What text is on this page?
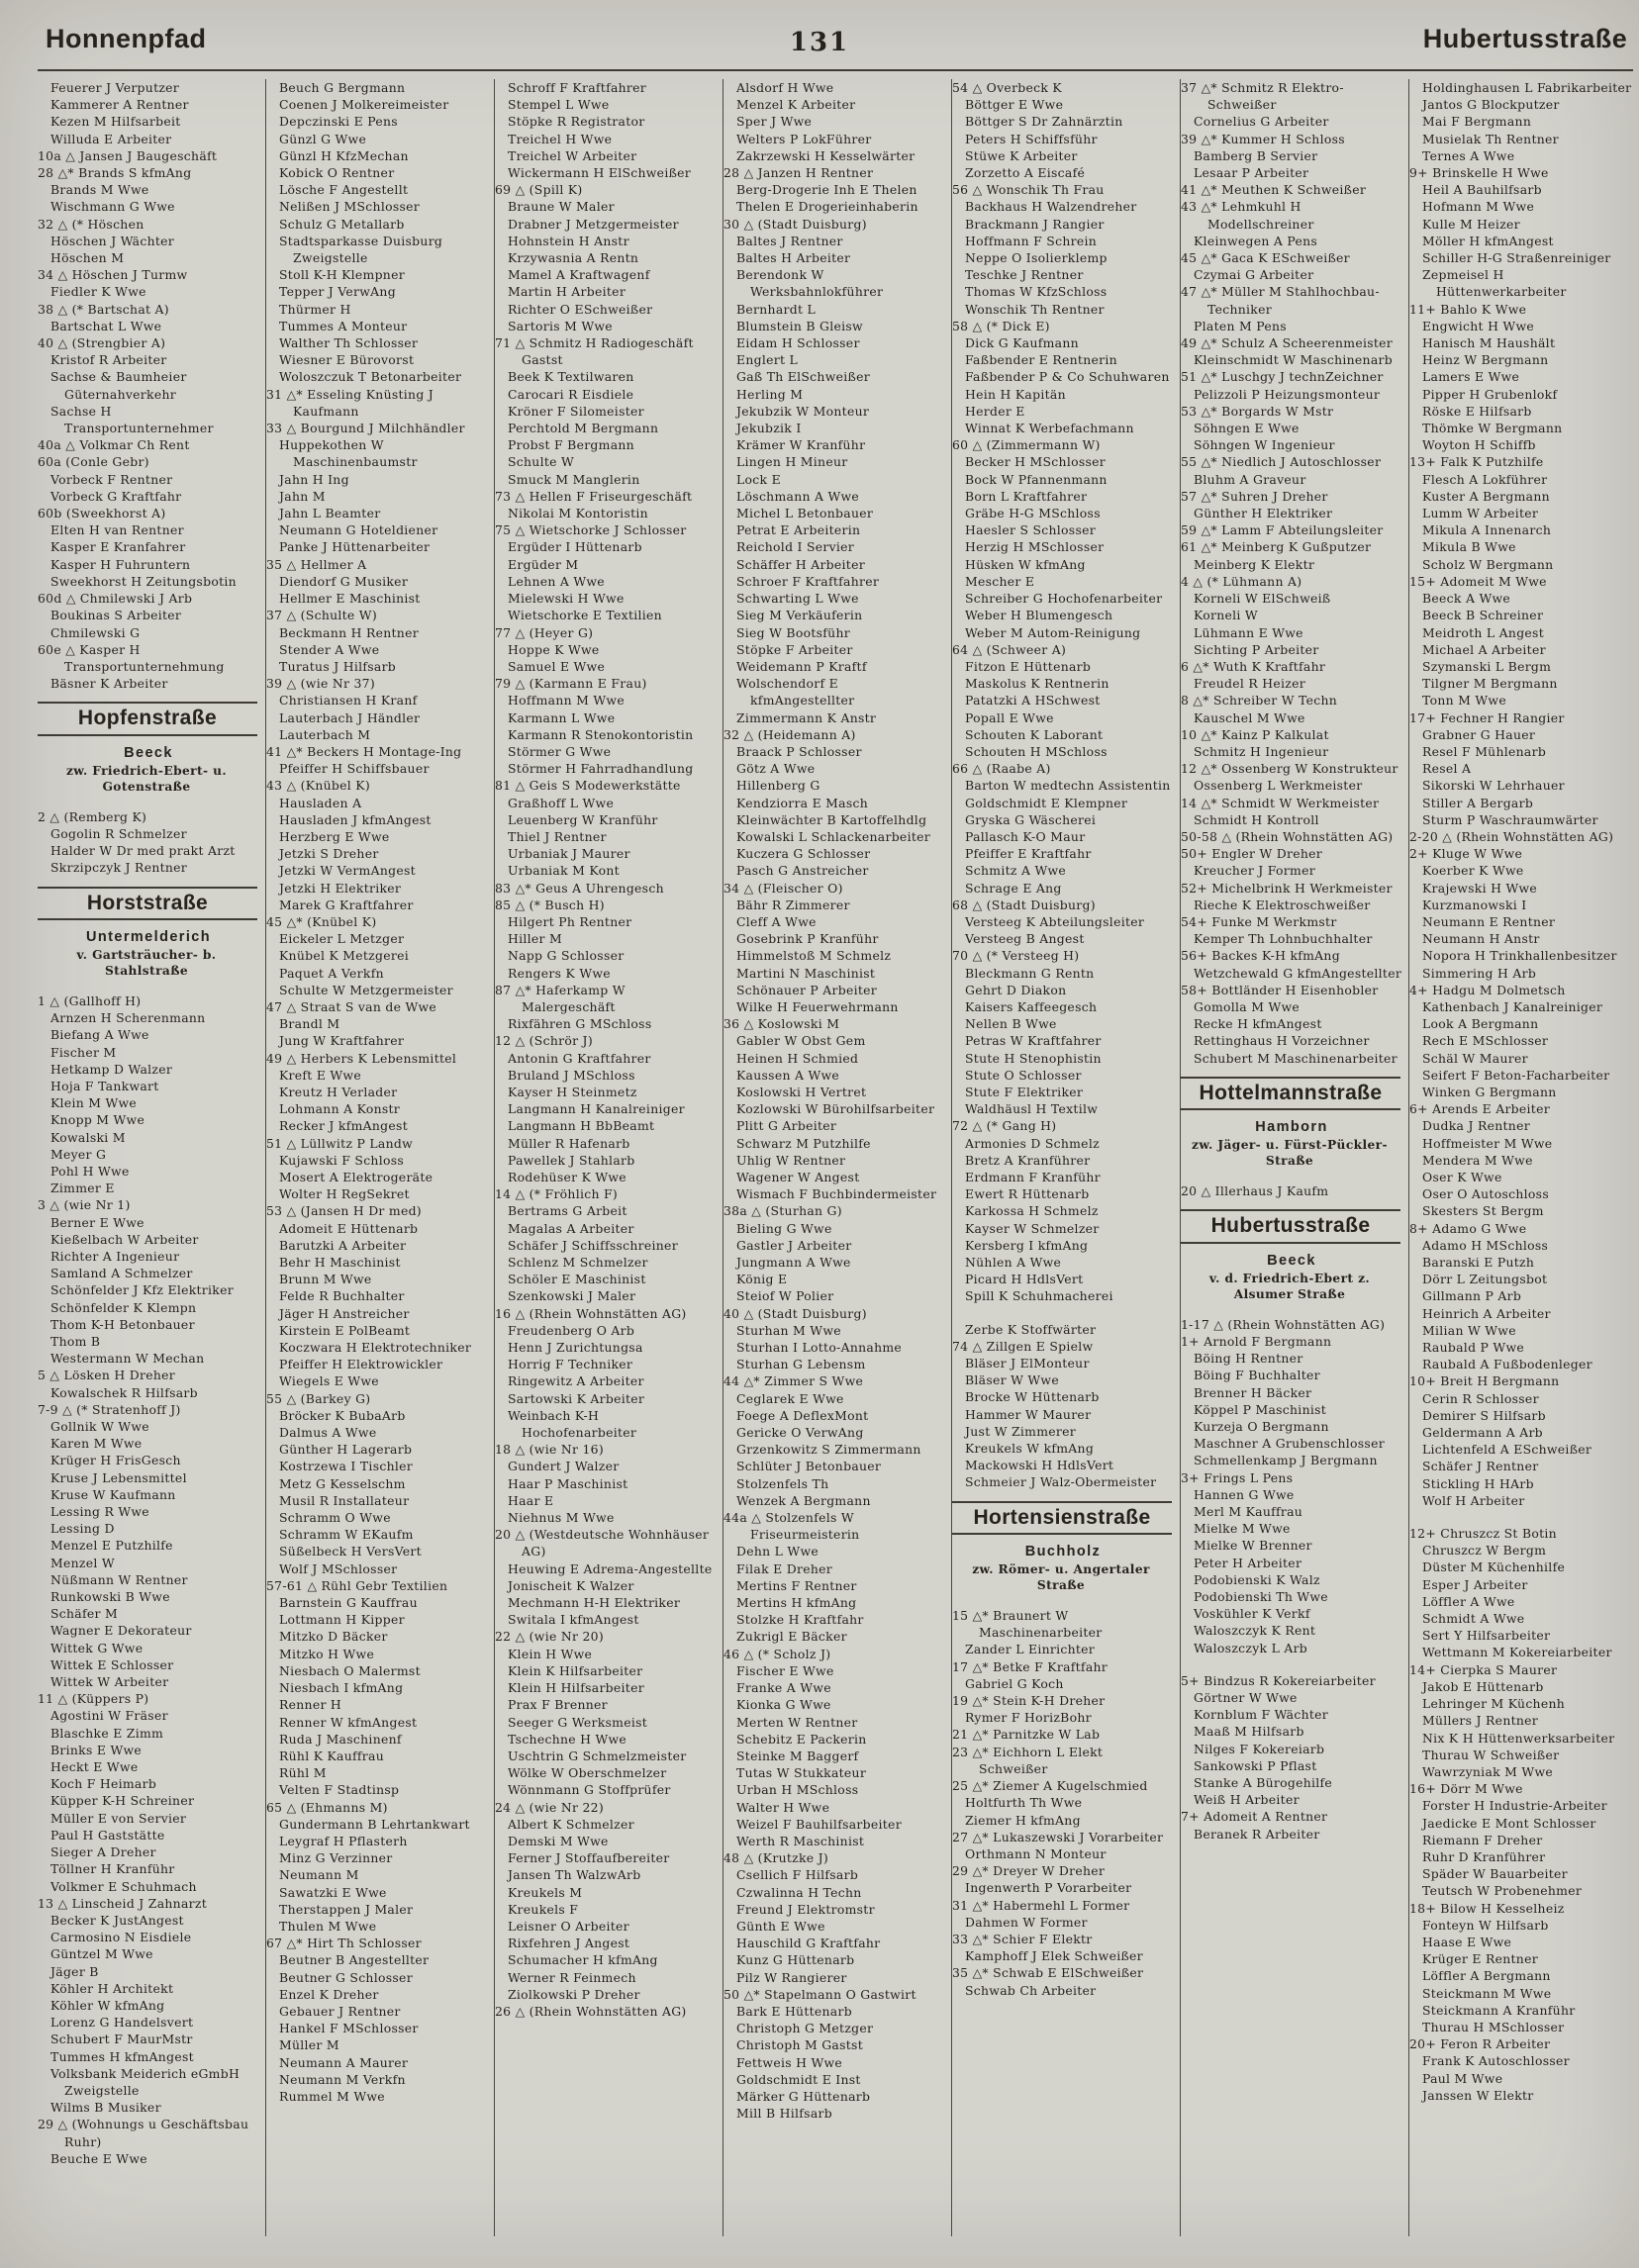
Honnenpfad	131	Hubertusstraße
Feuerer J Verputzer
Kammerer A Rentner
Kezen M Hilfsarbeit
Willuda E Arbeiter
10a △ Jansen J Baugeschäft
28 △* Brands S kfmAng
Brands M Wwe
Wischmann G Wwe
32 △ (* Höschen
Höschen J Wächter
Höschen M
34 △ Höschen J Turmw
Fiedler K Wwe
38 △ (* Bartschat A)
Bartschat L Wwe
40 △ (Strengbier A)
Kristof R Arbeiter
Sachse & Baumheier Güternahverkehr
Sachse H Transportunternehmer
40a △ Volkmar Ch Rent
60a (Conle Gebr)
Vorbeck F Rentner
Vorbeck G Kraftfahr
60b (Sweekhorst A)
Elten H van Rentner
Kasper E Kranfahrer
Kasper H Fuhruntern
Sweekhorst H Zeitungsbotin
60d △ Chmilewski J Arb
Boukinas S Arbeiter
Chmilewski G
60e △ Kasper H Transportunternehmung
Bäsner K Arbeiter
Hopfenstraße
Beeck
zw. Friedrich-Ebert- u. Gotenstraße
2 △ (Remberg K)
Gogolin R Schmelzer
Halder W Dr med prakt Arzt
Skrzipczyk J Rentner
Horststraße
Untermelderich
v. Gartsträucher- b. Stahlstraße
1 △ (Gallhoff H)
Arnzen H Scherenmann
Biefang A Wwe
Fischer M
Hetkamp D Walzer
Hoja F Tankwart
Klein M Wwe
Knopp M Wwe
Kowalski M
Meyer G
Pohl H Wwe
Zimmer E
3 △ (wie Nr 1)
Berner E Wwe
Kießelbach W Arbeiter
Richter A Ingenieur
Samland A Schmelzer
Schönfelder J Kfz Elektriker
Schönfelder K Klempn
Thom K-H Betonbauer
Thom B
Westermann W Mechan
5 △ Lösken H Dreher
Kowalschek R Hilfsarb
7-9 △ (* Stratenhoff J)
Gollnik W Wwe
Karen M Wwe
Krüger H FrisGesch
Kruse J Lebensmittel
Kruse W Kaufmann
Lessing R Wwe
Lessing D
Menzel E Putzhilfe
Menzel W
Nüßmann W Rentner
Runkowski B Wwe
Schäfer M
Wagner E Dekorateur
Wittek G Wwe
Wittek E Schlosser
Wittek W Arbeiter
11 △ (Küppers P)
Agostini W Fräser
Blaschke E Zimm
Brinks E Wwe
Heckt E Wwe
Koch F Heimarb
Küpper K-H Schreiner
Müller E von Servier
Paul H Gaststätte
Sieger A Dreher
Töllner H Kranführ
Volkmer E Schuhmach
13 △ Linscheid J Zahnarzt
Becker K JustAngest
Carmosino N Eisdiele
Güntzel M Wwe
Jäger B
Köhler H Architekt
Köhler W kfmAng
Lorenz G Handelsvert
Schubert F MaurMstr
Tummes H kfmAngest
Volksbank Meiderich eGmbH Zweigstelle
Wilms B Musiker
29 △ (Wohnungs u Geschäftsbau Ruhr)
Beuche E Wwe
Beuch G Bergmann
Coenen J Molkereimeister
Depczinski E Pens
Günzl G Wwe
Günzl H KfzMechan
Kobick O Rentner
Lösche F Angestellt
Nelißen J MSchlosser
Schulz G Metallarb
Stadtsparkasse Duisburg Zweigstelle
Stoll K-H Klempner
Tepper J VerwAng
Thürmer H
Tummes A Monteur
Walther Th Schlosser
Wiesner E Bürovorst
Woloszczuk T Betonarbeiter
31 △* Esseling Knüsting J Kaufmann
33 △ Bourgund J Milchhändler
Huppekothen W Maschinenbaumstr
Jahn H Ing
Jahn M
Jahn L Beamter
Neumann G Hoteldiener
Panke J Hüttenarbeiter
35 △ Hellmer A
Diendorf G Musiker
Hellmer E Maschinist
37 △ (Schulte W)
Beckmann H Rentner
Stender A Wwe
Turatus J Hilfsarb
39 △ (wie Nr 37)
Christiansen H Kranf
Lauterbach J Händler
Lauterbach M
41 △* Beckers H Montage-Ing
Pfeiffer H Schiffsbauer
43 △ (Knübel K)
Hausladen A
Hausladen J kfmAngest
Herzberg E Wwe
Jetzki S Dreher
Jetzki W VermAngest
Jetzki H Elektriker
Marek G Kraftfahrer
45 △* (Knübel K)
Eickeler L Metzger
Knübel K Metzgerei
Paquet A Verkfn
Schulte W Metzgermeister
47 △ Straat S van de Wwe
Brandl M
Jung W Kraftfahrer
49 △ Herbers K Lebensmittel
Kreft E Wwe
Kreutz H Verlader
Lohmann A Konstr
Recker J kfmAngest
51 △ Lüllwitz P Landw
Kujawski F Schloss
Mosert A Elektrogeräte
Wolter H RegSekret
53 △ (Jansen H Dr med)
Adomeit E Hüttenarb
Barutzki A Arbeiter
Behr H Maschinist
Brunn M Wwe
Felde R Buchhalter
Jäger H Anstreicher
Kirstein E PolBeamt
Koczwara H Elektrotechniker
Pfeiffer H Elektrowickler
Wiegels E Wwe
55 △ (Barkey G)
Bröcker K BubaArb
Dalmus A Wwe
Günther H Lagerarb
Kostrzewa I Tischler
Metz G Kesselschm
Musil R Installateur
Schramm O Wwe
Schramm W EKaufm
Süßelbeck H VersVert
Wolf J MSchlosser
57-61 △ Rühl Gebr Textilien
Barnstein G Kauffrau
Lottmann H Kipper
Mitzko D Bäcker
Mitzko H Wwe
Niesbach O Malermst
Niesbach I kfmAng
Renner H
Renner W kfmAngest
Ruda J Maschinenf
Rühl K Kauffrau
Rühl M
Velten F Stadtinsp
65 △ (Ehmanns M)
Gundermann B Lehrtankwart
Leygraf H Pflasterh
Minz G Verzinner
Neumann M
Sawatzki E Wwe
Therstappen J Maler
Thulen M Wwe
67 △* Hirt Th Schlosser
Beutner B Angestellter
Beutner G Schlosser
Enzel K Dreher
Gebauer J Rentner
Hankel F MSchlosser
Müller M
Neumann A Maurer
Neumann M Verkfn
Rummel M Wwe
Schroff F Kraftfahrer
Stempel L Wwe
Stöpke R Registrator
Treichel H Wwe
Treichel W Arbeiter
Wickermann H ElSchweißer
69 △ (Spill K)
Braune W Maler
Drabner J Metzgermeister
Hohnstein H Anstr
Krzywasnia A Rentn
Mamel A Kraftwagenf
Martin H Arbeiter
Richter O ESchweißer
Sartoris M Wwe
71 △ Schmitz H Radiogeschäft Gastst
Beek K Textilwaren
Carocari R Eisdiele
Kröner F Silomeister
Perchtold M Bergmann
Probst F Bergmann
Schulte W
Smuck M Manglerin
73 △ Hellen F Friseurgeschäft
Nikolai M Kontoristin
75 △ Wietschorke J Schlosser
Ergüder I Hüttenarb
Ergüder M
Lehnen A Wwe
Mielewski H Wwe
Wietschorke E Textilien
77 △ (Heyer G)
Hoppe K Wwe
Samuel E Wwe
79 △ (Karmann E Frau)
Hoffmann M Wwe
Karmann L Wwe
Karmann R Stenokontoristin
Störmer G Wwe
Störmer H Fahrradhandlung
81 △ Geis S Modewerkstätte
Graßhoff L Wwe
Leuenberg W Kranführ
Thiel J Rentner
Urbaniak J Maurer
Urbaniak M Kont
83 △* Geus A Uhrengesch
85 △ (* Busch H)
Hilgert Ph Rentner
Hiller M
Napp G Schlosser
Rengers K Wwe
87 △* Haferkamp W Malergeschäft
Rixfähren G MSchloss
12 △ (Schrör J)
Antonin G Kraftfahrer
Bruland J MSchloss
Kayser H Steinmetz
Langmann H Kanalreiniger
Langmann H BbBeamt
Müller R Hafenarb
Pawellek J Stahlarb
Rodehüser K Wwe
14 △ (* Fröhlich F)
Bertrams G Arbeit
Magalas A Arbeiter
Schäfer J Schiffsschreiner
Schlenz M Schmelzer
Schöler E Maschinist
Szenkowski J Maler
16 △ (Rhein Wohnstätten AG)
Freudenberg O Arb
Henn J Zurichtungsa
Horrig F Techniker
Ringewitz A Arbeiter
Sartowski K Arbeiter
Weinbach K-H Hochofenarbeiter
18 △ (wie Nr 16)
Gundert J Walzer
Haar P Maschinist
Haar E
Niehnus M Wwe
20 △ (Westdeutsche Wohnhäuser AG)
Heuwing E Adrema-Angestellte
Jonischeit K Walzer
Mechmann H-H Elektriker
Switala I kfmAngest
22 △ (wie Nr 20)
Klein H Wwe
Klein K Hilfsarbeiter
Klein H Hilfsarbeiter
Prax F Brenner
Seeger G Werksmeist
Tschechne H Wwe
Uschtrin G Schmelzmeister
Wölke W Oberschmelzer
Wönnmann G Stoffprüfer
24 △ (wie Nr 22)
Albert K Schmelzer
Demski M Wwe
Ferner J Stoffaufbereiter
Jansen Th WalzwArb
Kreukels M
Kreukels F
Leisner O Arbeiter
Rixfehren J Angest
Schumacher H kfmAng
Werner R Feinmech
Ziolkowski P Dreher
26 △ (Rhein Wohnstätten AG)
Alsdorf H Wwe
Menzel K Arbeiter
Sper J Wwe
Welters P LokFührer
Zakrzewski H Kesselwärter
28 △ Janzen H Rentner
Berg-Drogerie Inh E Thelen
Thelen E Drogerieinhaberin
30 △ (Stadt Duisburg)
Baltes J Rentner
Baltes H Arbeiter
Berendonk W Werksbahnlokführer
Bernhardt L
Blumstein B Gleisw
Eidam H Schlosser
Englert L
Gaß Th ElSchweißer
Herling M
Jekubzik W Monteur
Jekubzik I
Krämer W Kranführ
Lingen H Mineur
Lock E
Löschmann A Wwe
Michel L Betonbauer
Petrat E Arbeiterin
Reichold I Servier
Schäffer H Arbeiter
Schroer F Kraftfahrer
Schwarting L Wwe
Sieg M Verkäuferin
Sieg W Bootsführ
Stöpke F Arbeiter
Weidemann P Kraftf
Wolschendorf E kfmAngestellter
Zimmermann K Anstr
32 △ (Heidemann A)
Braack P Schlosser
Götz A Wwe
Hillenberg G
Kendziorra E Masch
Kleinwächter B Kartoffelhdlg
Kowalski L Schlackenarbeiter
Kuczera G Schlosser
Pasch G Anstreicher
34 △ (Fleischer O)
Bähr R Zimmerer
Cleff A Wwe
Gosebrink P Kranführ
Himmelstoß M Schmelz
Martini N Maschinist
Schönauer P Arbeiter
Wilke H Feuerwehrmann
36 △ Koslowski M
Gabler W Obst Gem
Heinen H Schmied
Kaussen A Wwe
Koslowski H Vertret
Kozlowski W Bürohilfsarbeiter
Plitt G Arbeiter
Schwarz M Putzhilfe
Uhlig W Rentner
Wagener W Angest
Wismach F Buchbindermeister
38a △ (Sturhan G)
Bieling G Wwe
Gastler J Arbeiter
Jungmann A Wwe
König E
Steiof W Polier
40 △ (Stadt Duisburg)
Sturhan M Wwe
Sturhan I Lotto-Annahme
Sturhan G Lebensm
44 △* Zimmer S Wwe
Ceglarek E Wwe
Foege A DeflexMont
Gericke O VerwAng
Grzenkowitz S Zimmermann
Schlüter J Betonbauer
Stolzenfels Th
Wenzek A Bergmann
44a △ Stolzenfels W Friseurmeisterin
Dehn L Wwe
Filak E Dreher
Mertins F Rentner
Mertins H kfmAng
Stolzke H Kraftfahr
Zukrigl E Bäcker
46 △ (* Scholz J)
Fischer E Wwe
Franke A Wwe
Kionka G Wwe
Merten W Rentner
Schebitz E Packerin
Steinke M Baggerf
Tutas W Stukkateur
Urban H MSchloss
Walter H Wwe
Weizel F Bauhilfsarbeiter
Werth R Maschinist
48 △ (Krutzke J)
Csellich F Hilfsarb
Czwalinna H Techn
Freund J Elektromstr
Günth E Wwe
Hauschild G Kraftfahr
Kunz G Hüttenarb
Pilz W Rangierer
50 △* Stapelmann O Gastwirt
Bark E Hüttenarb
Christoph G Metzger
Christoph M Gastst
Fettweis H Wwe
Goldschmidt E Inst
Märker G Hüttenarb
Mill B Hilfsarb
54 △ Overbeck K
Böttger E Wwe
Böttger S Dr Zahnärztin
Peters H Schiffsführ
Stüwe K Arbeiter
Zorzetto A Eiscafé
56 △ Wonschik Th Frau
Backhaus H Walzendreher
Brackmann J Rangier
Hoffmann F Schrein
Neppe O Isolierklemp
Teschke J Rentner
Thomas W KfzSchloss
Wonschik Th Rentner
58 △ (* Dick E)
Dick G Kaufmann
Faßbender E Rentnerin
Faßbender P & Co Schuhwaren
Hein H Kapitän
Herder E
Winnat K Werbefachmann
60 △ (Zimmermann W)
Becker H MSchlosser
Bock W Pfannenmann
Born L Kraftfahrer
Gräbe H-G MSchloss
Haesler S Schlosser
Herzig H MSchlosser
Hüsken W kfmAng
Mescher E
Schreiber G Hochofenarbeiter
Weber H Blumengesch
Weber M Autom-Reinigung
64 △ (Schweer A)
Fitzon E Hüttenarb
Maskolus K Rentnerin
Patatzki A HSchwest
Popall E Wwe
Schouten K Laborant
Schouten H MSchloss
66 △ (Raabe A)
Barton W medtechn Assistentin
Goldschmidt E Klempner
Gryska G Wäscherei
Pallasch K-O Maur
Pfeiffer E Kraftfahr
Schmitz A Wwe
Schrage E Ang
68 △ (Stadt Duisburg)
Versteeg K Abteilungsleiter
Versteeg B Angest
70 △ (* Versteeg H)
Bleckmann G Rentn
Gehrt D Diakon
Kaisers Kaffeegesch
Nellen B Wwe
Petras W Kraftfahrer
Stute H Stenophistin
Stute O Schlosser
Stute F Elektriker
Waldhäusl H Textilw
72 △ (* Gang H)
Armonies D Schmelz
Bretz A Kranführer
Erdmann F Kranführ
Ewert R Hüttenarb
Karkossa H Schmelz
Kayser W Schmelzer
Kersberg I kfmAng
Nühlen A Wwe
Picard H HdlsVert
Spill K Schuhmacherei
Zerbe K Stoffwärter
74 △ Zillgen E Spielw
Bläser J ElMonteur
Bläser W Wwe
Brocke W Hüttenarb
Hammer W Maurer
Just W Zimmerer
Kreukels W kfmAng
Mackowski H HdlsVert
Schmeier J Walz-Obermeister
Hortensienstraße
Buchholz
zw. Römer- u. Angertaler Straße
15 △* Braunert W Maschinenarbeiter
Zander L Einrichter
17 △* Betke F Kraftfahr
Gabriel G Koch
19 △* Stein K-H Dreher
Rymer F HorizBohr
21 △* Parnitzke W Lab
23 △* Eichhorn L Elekt Schweißer
25 △* Ziemer A Kugelschmied
Holtfurth Th Wwe
Ziemer H kfmAng
27 △* Lukaszewski J Vorarbeiter
Orthmann N Monteur
29 △* Dreyer W Dreher
Ingenwerth P Vorarbeiter
31 △* Habermehl L Former
Dahmen W Former
33 △* Schier F Elektr
Kamphoff J Elek Schweißer
35 △* Schwab E ElSchweißer
Schwab Ch Arbeiter
37 △* Schmitz R Elektro-Schweißer
Cornelius G Arbeiter
39 △* Kummer H Schloss
Bamberg B Servier
Lesaar P Arbeiter
41 △* Meuthen K Schweißer
43 △* Lehmkuhl H Modellschreiner
Kleinwegen A Pens
45 △* Gaca K ESchweißer
Czymai G Arbeiter
47 △* Müller M Stahlhochbau-Techniker
Platen M Pens
49 △* Schulz A Scheerenmeister
Kleinschmidt W Maschinenarb
51 △* Luschgy J technZeichner
Pelizzoli P Heizungsmonteur
53 △* Borgards W Mstr
Söhngen E Wwe
Söhngen W Ingenieur
55 △* Niedlich J Autoschlosser
Bluhm A Graveur
57 △* Suhren J Dreher
Günther H Elektriker
59 △* Lamm F Abteilungsleiter
61 △* Meinberg K Gußputzer
Meinberg K Elektr
4 △ (* Lühmann A)
Korneli W ElSchweiß
Korneli W
Lühmann E Wwe
Sichting P Arbeiter
6 △* Wuth K Kraftfahr
Freudel R Heizer
8 △* Schreiber W Techn
Kauschel M Wwe
10 △* Kainz P Kalkulat
Schmitz H Ingenieur
12 △* Ossenberg W Konstrukteur
Ossenberg L Werkmeister
14 △* Schmidt W Werkmeister
Schmidt H Kontroll
50-58 △ (Rhein Wohnstätten AG)
50+ Engler W Dreher
Kreucher J Former
52+ Michelbrink H Werkmeister
Rieche K Elektroschweißer
54+ Funke M Werkmstr
Kemper Th Lohnbuchhalter
56+ Backes K-H kfmAng
Wetzchewald G kfmAngestellter
58+ Bottländer H Eisenhobler
Gomolla M Wwe
Recke H kfmAngest
Rettinghaus H Vorzeichner
Schubert M Maschinenarbeiter
Hottelmannstraße
Hamborn
zw. Jäger- u. Fürst-Pückler-Straße
20 △ Illerhaus J Kaufm
Hubertusstraße
Beeck
v. d. Friedrich-Ebert z. Alsumer Straße
1-17 △ (Rhein Wohnstätten AG)
1+ Arnold F Bergmann
Böing H Rentner
Böing F Buchhalter
Brenner H Bäcker
Köppel P Maschinist
Kurzeja O Bergmann
Maschner A Grubenschlosser
Schmellenkamp J Bergmann
3+ Frings L Pens
Hannen G Wwe
Merl M Kauffrau
Mielke M Wwe
Mielke W Brenner
Peter H Arbeiter
Podobienski K Walz
Podobienski Th Wwe
Voskühler K Verkf
Waloszczyk K Rent
Waloszczyk L Arb
5+ Bindzus R Kokereiarbeiter
Görtner W Wwe
Kornblum F Wächter
Maaß M Hilfsarb
Nilges F Kokereiarb
Sankowski P Pflast
Stanke A Bürogehilfe
Weiß H Arbeiter
7+ Adomeit A Rentner
Beranek R Arbeiter
Holdinghausen L Fabrikarbeiter
Jantos G Blockputzer
Mai F Bergmann
Musielak Th Rentner
Ternes A Wwe
9+ Brinskelle H Wwe
Heil A Bauhilfsarb
Hofmann M Wwe
Kulle M Heizer
Möller H kfmAngest
Schiller H-G Straßenreiniger
Zepmeisel H Hüttenwerkarbeiter
11+ Bahlo K Wwe
Engwicht H Wwe
Hanisch M Haushält
Heinz W Bergmann
Lamers E Wwe
Pipper H Grubenlokf
Röske E Hilfsarb
Thömke W Bergmann
Woyton H Schiffb
13+ Falk K Putzhilfe
Flesch A Lokführer
Kuster A Bergmann
Lumm W Arbeiter
Mikula A Innenarch
Mikula B Wwe
Scholz W Bergmann
15+ Adomeit M Wwe
Beeck A Wwe
Beeck B Schreiner
Meidroth L Angest
Michael A Arbeiter
Szymanski L Bergm
Tilgner M Bergmann
Tonn M Wwe
17+ Fechner H Rangier
Grabner G Hauer
Resel F Mühlenarb
Resel A
Sikorski W Lehrhauer
Stiller A Bergarb
Sturm P Waschraumwärter
2-20 △ (Rhein Wohnstätten AG)
2+ Kluge W Wwe
Koerber K Wwe
Krajewski H Wwe
Kurzmanowski I
Neumann E Rentner
Neumann H Anstr
Nopora H Trinkhallenbesitzer
Simmering H Arb
4+ Hadgu M Dolmetsch
Kathenbach J Kanalreiniger
Look A Bergmann
Rech E MSchlosser
Schäl W Maurer
Seifert F Beton-Facharbeiter
Winken G Bergmann
6+ Arends E Arbeiter
Dudka J Rentner
Hoffmeister M Wwe
Mendera M Wwe
Oser K Wwe
Oser O Autoschloss
Skesters St Bergm
8+ Adamo G Wwe
Adamo H MSchloss
Baranski E Putzh
Dörr L Zeitungsbot
Gillmann P Arb
Heinrich A Arbeiter
Milian W Wwe
Raubald P Wwe
Raubald A Fußbodenleger
10+ Breit H Bergmann
Cerin R Schlosser
Demirer S Hilfsarb
Geldermann A Arb
Lichtenfeld A ESchweißer
Schäfer J Rentner
Stickling H HArb
Wolf H Arbeiter
12+ Chruszcz St Botin
Chruszcz W Bergm
Düster M Küchenhilfe
Esper J Arbeiter
Löffler A Wwe
Schmidt A Wwe
Sert Y Hilfsarbeiter
Wettmann M Kokereiarbeiter
14+ Cierpka S Maurer
Jakob E Hüttenarb
Lehringer M Küchenh
Müllers J Rentner
Nix K H Hüttenwerksarbeiter
Thurau W Schweißer
Wawrzyniak M Wwe
16+ Dörr M Wwe
Forster H Industrie-Arbeiter
Jaedicke E Mont Schlosser
Riemann F Dreher
Ruhr D Kranführer
Späder W Bauarbeiter
Teutsch W Probenehmer
18+ Bilow H Kesselheiz
Fonteyn W Hilfsarb
Haase E Wwe
Krüger E Rentner
Löffler A Bergmann
Steickmann M Wwe
Steickmann A Kranführ
Thurau H MSchlosser
20+ Feron R Arbeiter
Frank K Autoschlosser
Paul M Wwe
Janssen W Elektr
